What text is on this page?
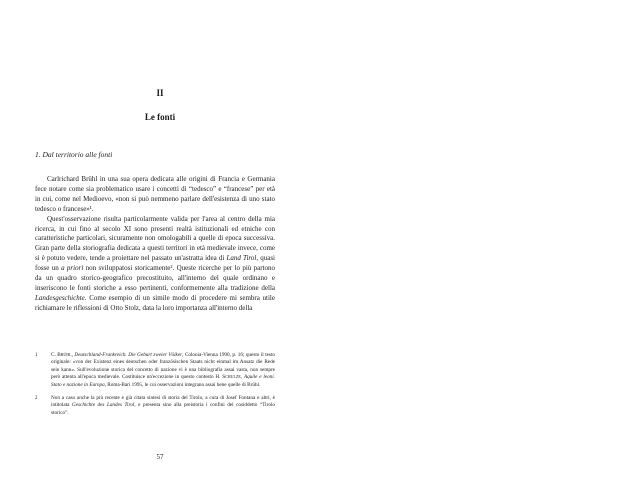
II
Le fonti
1. Dal territorio alle fonti

Carlrichard Brühl in una sua opera dedicata alle origini di Francia e Germania fece notare come sia problematico usare i concetti di “tedesco” e “francese” per età in cui, come nel Medioevo, «non si può nemmeno parlare dell'esistenza di uno stato tedesco o francese»¹.

Quest'osservazione risulta particolarmente valida per l'area al centro della mia ricerca, in cui fino al secolo XI sono presenti realtà istituzionali ed etniche con caratteristiche particolari, sicuramente non omologabili a quelle di epoca successiva. Gran parte della storiografia dedicata a questi territori in età medievale invece, come si è potuto vedere, tende a proiettare nel passato un'astratta idea di Land Tirol, quasi fosse un a priori non sviluppatosi storicamente². Queste ricerche per lo più partono da un quadro storico-geografico precostituito, all'interno del quale ordinano e inseriscono le fonti storiche a esso pertinenti, conformemente alla tradizione della Landesgeschichte. Come esempio di un simile modo di procedere mi sembra utile richiamare le riflessioni di Otto Stolz, data la loro importanza all'interno della

1	C. Brühl, Deutschland-Frankreich. Die Geburt zweier Völker, Colonia-Vienna 1990, p. 16; questo il testo originale: «von der Existenz eines deutschen oder französischen Staats nicht einmal im Ansatz die Rede sein kann». Sull'evoluzione storica del concetto di nazione vi è una bibliografia assai vasta, non sempre però attenta all'epoca medievale. Costituisce un'eccezione in questo contesto H. Schulze, Aquile e leoni. Stato e nazione in Europa, Roma-Bari 1995, le cui osservazioni integrano assai bene quelle di Brühl.
2	Non a caso anche la più recente e già citata sintesi di storia del Tirolo, a cura di Josef Fontana e altri, è intitolata Geschichte des Landes Tirol, e presenta sino alla preistoria i confini del cosiddetto “Tirolo storico”.
57
